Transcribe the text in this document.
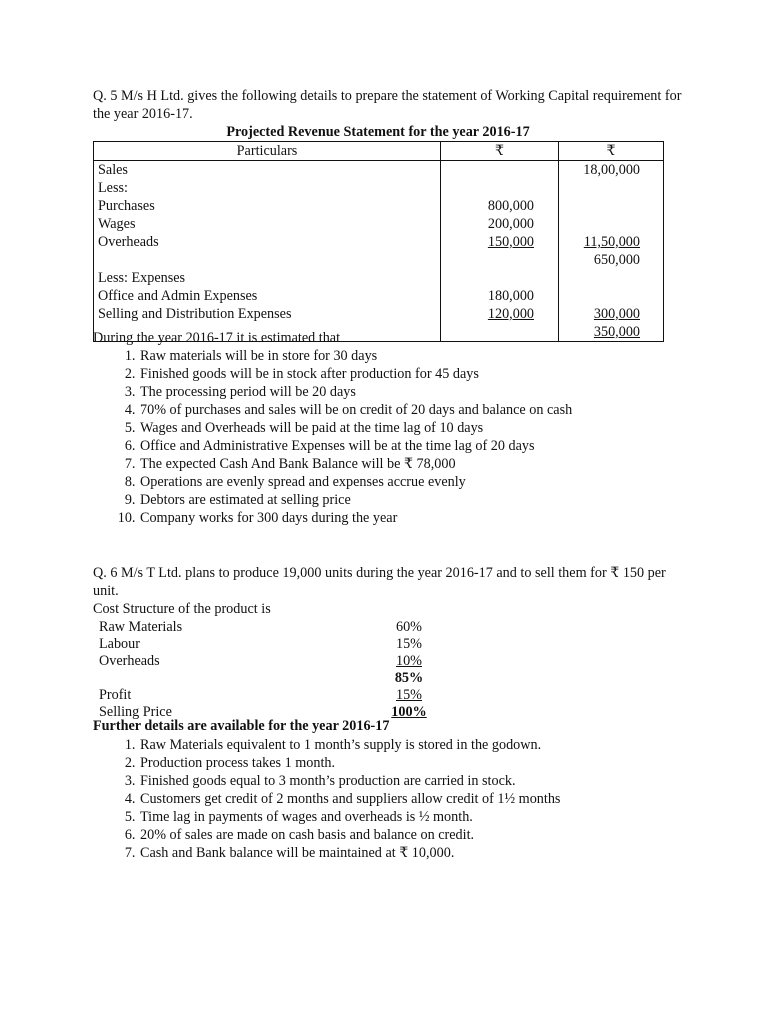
Q. 5 M/s H Ltd. gives the following details to prepare the statement of Working Capital requirement for the year 2016-17.

Projected Revenue Statement for the year 2016-17

Particulars	₹	₹
Sales		18,00,000
Less:		
Purchases	800,000	
Wages	200,000	
Overheads	150,000	11,50,000
		650,000
Less: Expenses		
Office and Admin Expenses	180,000	
Selling and Distribution Expenses	120,000	300,000
		350,000

During the year 2016-17 it is estimated that

1. Raw materials will be in store for 30 days
2. Finished goods will be in stock after production for 45 days
3. The processing period will be 20 days
4. 70% of purchases and sales will be on credit of 20 days and balance on cash
5. Wages and Overheads will be paid at the time lag of 10 days
6. Office and Administrative Expenses will be at the time lag of 20 days
7. The expected Cash And Bank Balance will be ₹ 78,000
8. Operations are evenly spread and expenses accrue evenly
9. Debtors are estimated at selling price
10. Company works for 300 days during the year

Q. 6 M/s T Ltd. plans to produce 19,000 units during the year 2016-17 and to sell them for ₹ 150 per unit.

Cost Structure of the product is

Raw Materials	60%
Labour	15%
Overheads	10%
85%
Profit	15%
Selling Price	100%

Further details are available for the year 2016-17

1. Raw Materials equivalent to 1 month’s supply is stored in the godown.
2. Production process takes 1 month.
3. Finished goods equal to 3 month’s production are carried in stock.
4. Customers get credit of 2 months and suppliers allow credit of 1½ months
5. Time lag in payments of wages and overheads is ½ month.
6. 20% of sales are made on cash basis and balance on credit.
7. Cash and Bank balance will be maintained at ₹ 10,000.
